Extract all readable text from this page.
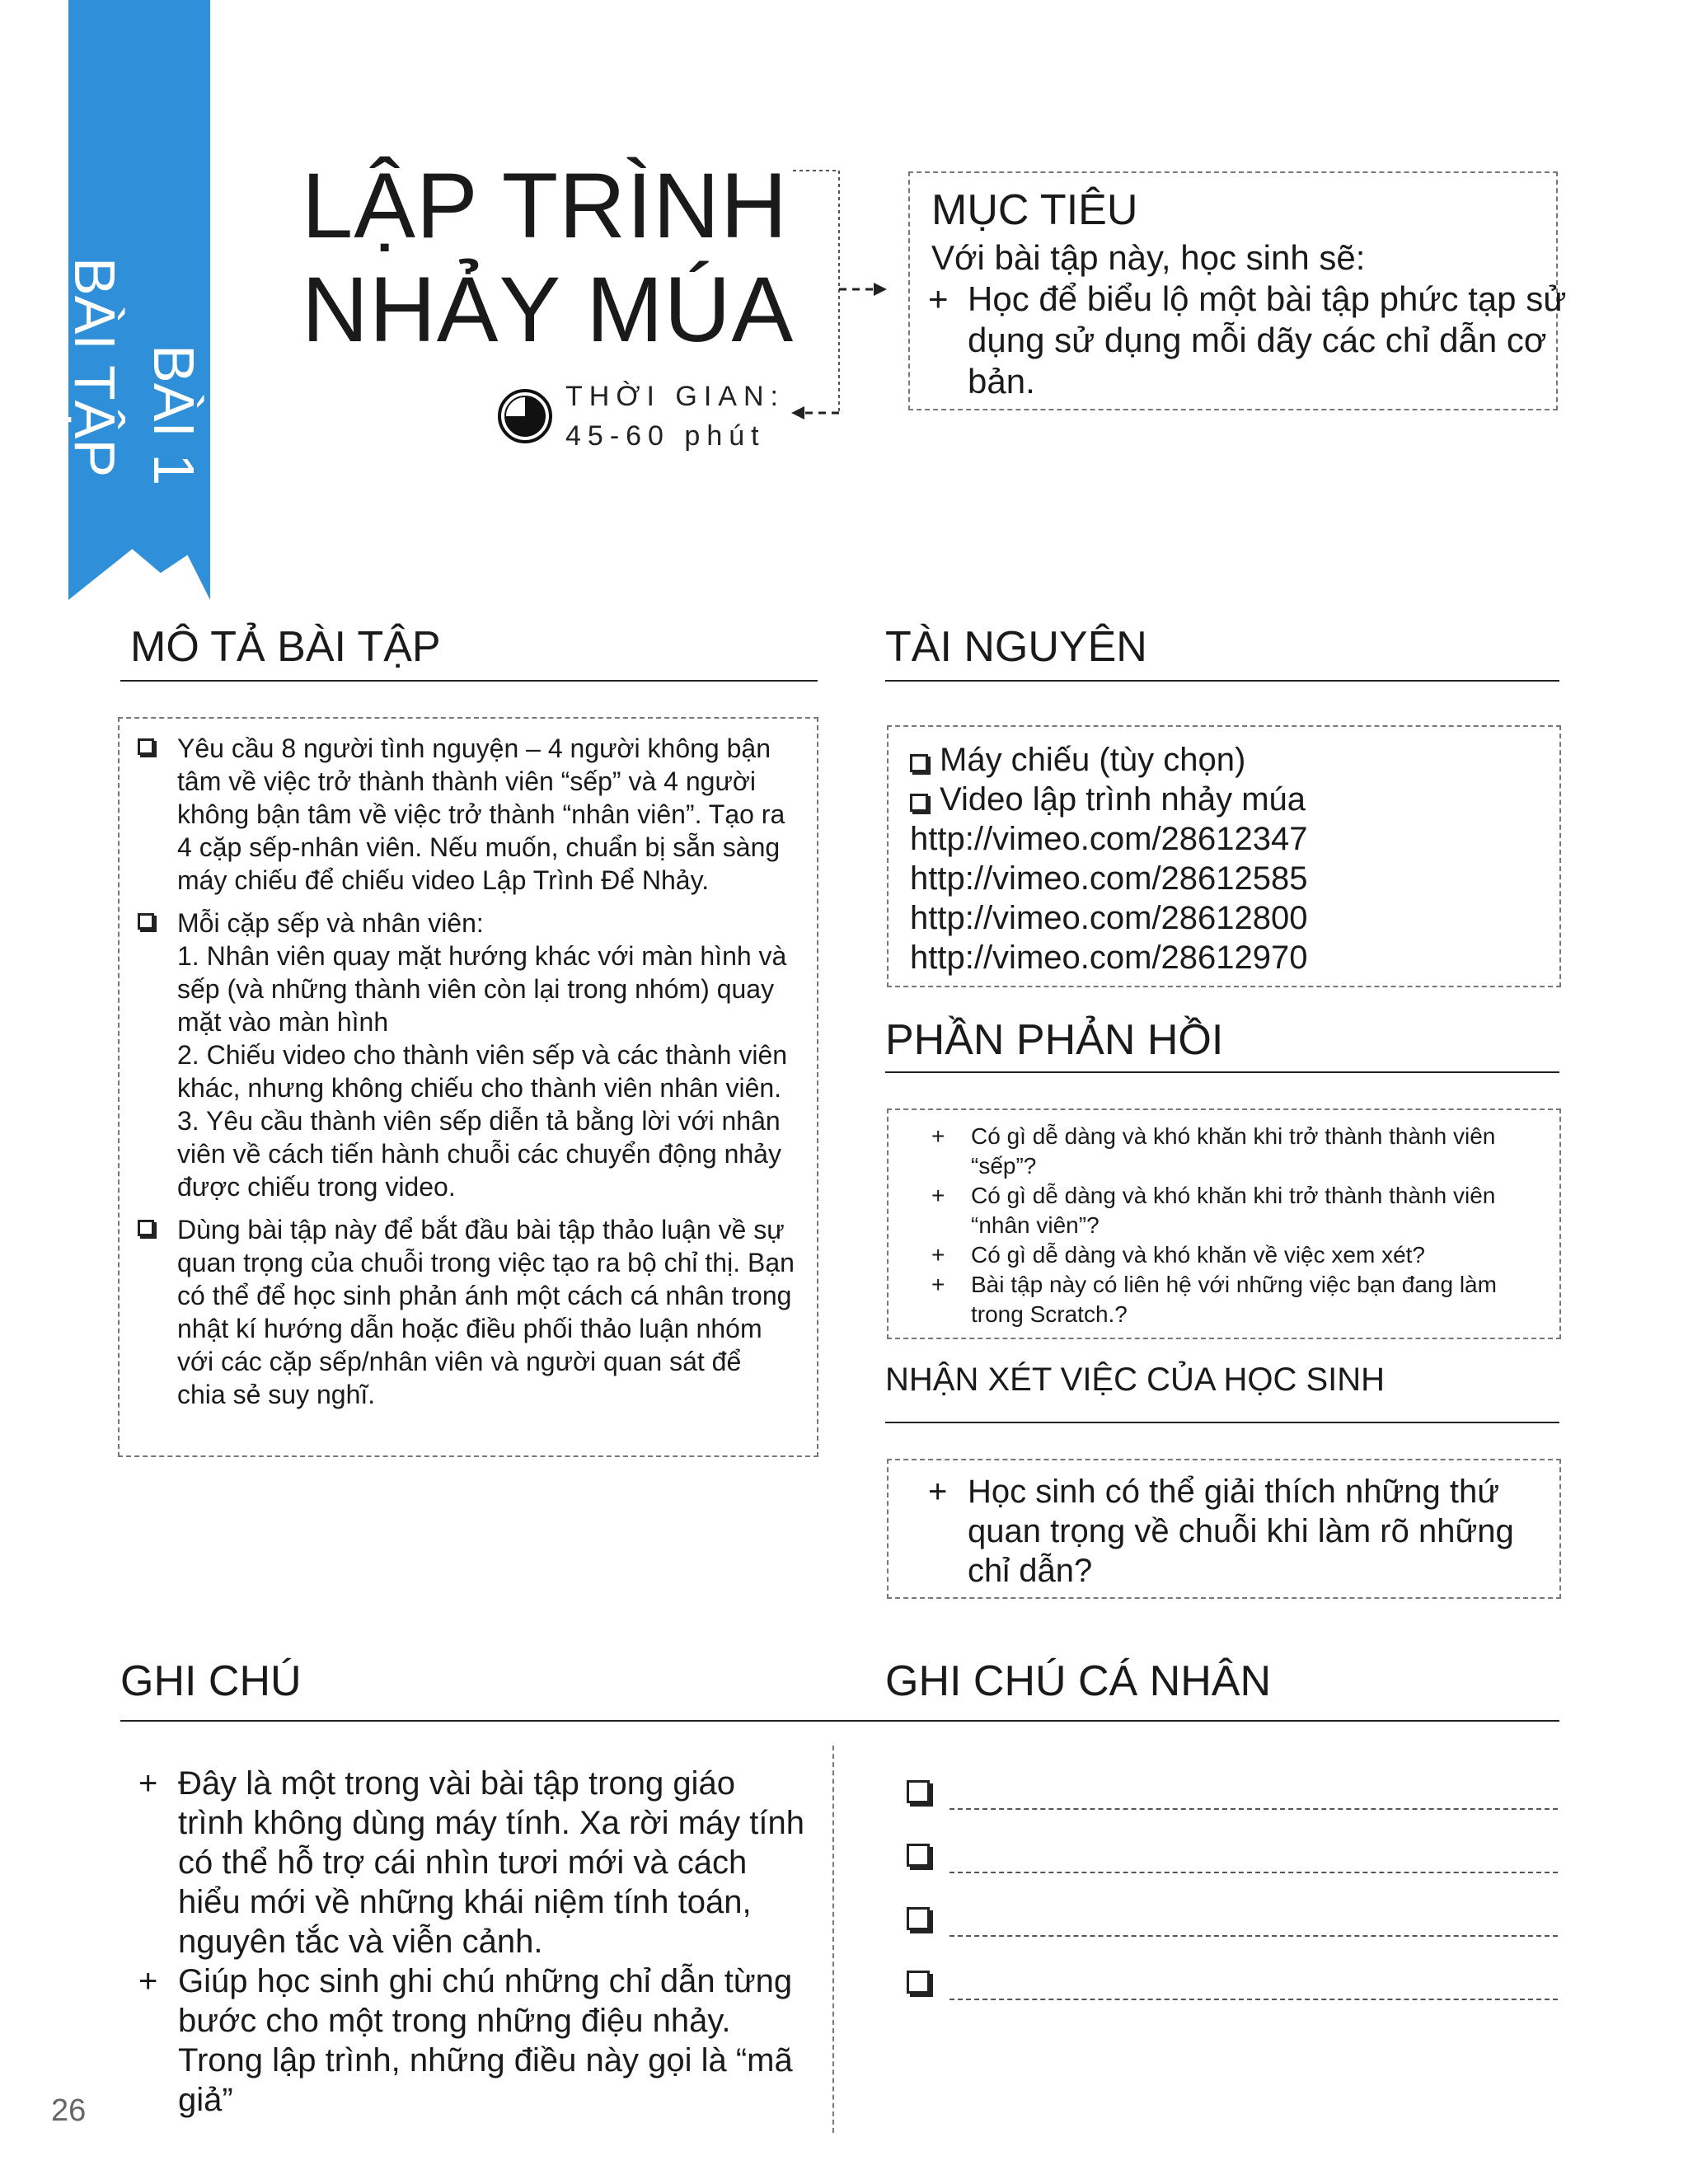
BÀI 1
BÀI TẬP
LẬP TRÌNH
NHẢY MÚA
THỜI GIAN:
45-60 phút
MỤC TIÊU
Với bài tập này, học sinh sẽ:
+ Học để biểu lộ một bài tập phức tạp sử dụng sử dụng mỗi dãy các chỉ dẫn cơ bản.
MÔ TẢ BÀI TẬP
Yêu cầu 8 người tình nguyện – 4 người không bận tâm về việc trở thành thành viên “sếp” và 4 người không bận tâm về việc trở thành “nhân viên”. Tạo ra 4 cặp sếp-nhân viên. Nếu muốn, chuẩn bị sẵn sàng máy chiếu để chiếu video Lập Trình Để Nhảy.
Mỗi cặp sếp và nhân viên:
1. Nhân viên quay mặt hướng khác với màn hình và sếp (và những thành viên còn lại trong nhóm) quay mặt vào màn hình
2. Chiếu video cho thành viên sếp và các thành viên khác, nhưng không chiếu cho thành viên nhân viên.
3. Yêu cầu thành viên sếp diễn tả bằng lời với nhân viên về cách tiến hành chuỗi các chuyển động nhảy được chiếu trong video.
Dùng bài tập này để bắt đầu bài tập thảo luận về sự quan trọng của chuỗi trong việc tạo ra bộ chỉ thị. Bạn có thể để học sinh phản ánh một cách cá nhân trong nhật kí hướng dẫn hoặc điều phối thảo luận nhóm với các cặp sếp/nhân viên và người quan sát để chia sẻ suy nghĩ.
TÀI NGUYÊN
Máy chiếu (tùy chọn)
Video lập trình nhảy múa
http://vimeo.com/28612347
http://vimeo.com/28612585
http://vimeo.com/28612800
http://vimeo.com/28612970
PHẦN PHẢN HỒI
+ Có gì dễ dàng và khó khăn khi trở thành thành viên “sếp”?
+ Có gì dễ dàng và khó khăn khi trở thành thành viên “nhân viên”?
+ Có gì dễ dàng và khó khăn về việc xem xét?
+ Bài tập này có liên hệ với những việc bạn đang làm trong Scratch.?
NHẬN XÉT VIỆC CỦA HỌC SINH
+ Học sinh có thể giải thích những thứ quan trọng về chuỗi khi làm rõ những chỉ dẫn?
GHI CHÚ
+ Đây là một trong vài bài tập trong giáo trình không dùng máy tính. Xa rời máy tính có thể hỗ trợ cái nhìn tươi mới và cách hiểu mới về những khái niệm tính toán, nguyên tắc và viễn cảnh.
+ Giúp học sinh ghi chú những chỉ dẫn từng bước cho một trong những điệu nhảy. Trong lập trình, những điều này gọi là “mã giả”
GHI CHÚ CÁ NHÂN
26
